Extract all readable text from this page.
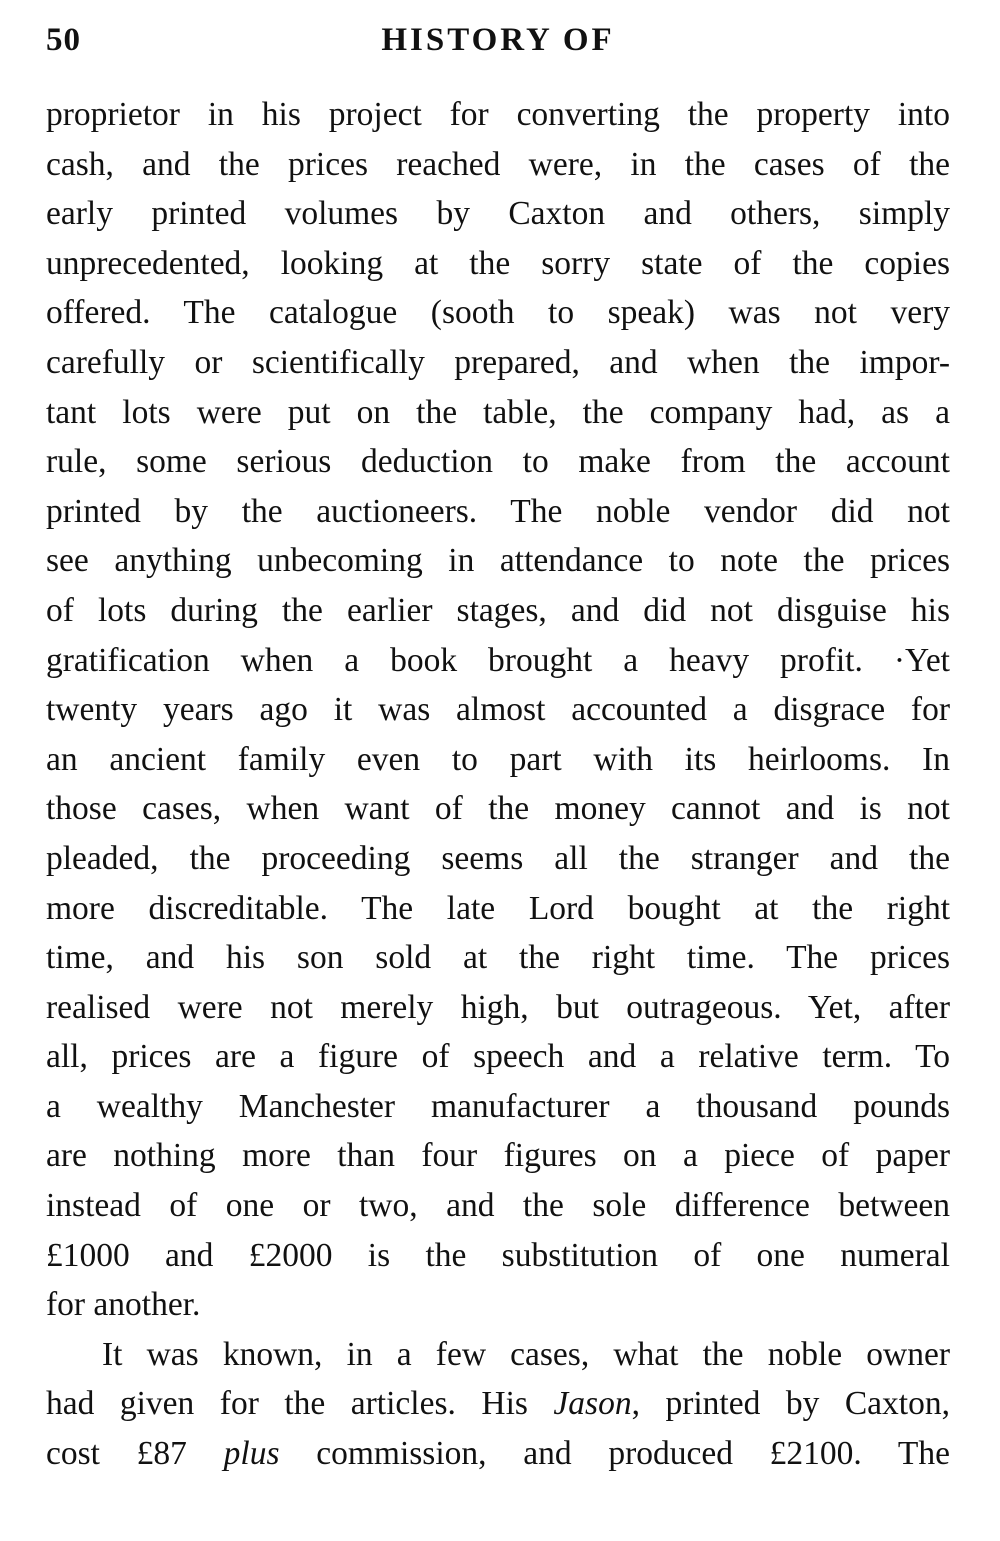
50	HISTORY OF
proprietor in his project for converting the property into
cash, and the prices reached were, in the cases of the
early printed volumes by Caxton and others, simply
unprecedented, looking at the sorry state of the copies
offered. The catalogue (sooth to speak) was not very
carefully or scientifically prepared, and when the impor-
tant lots were put on the table, the company had, as a
rule, some serious deduction to make from the account
printed by the auctioneers. The noble vendor did not
see anything unbecoming in attendance to note the prices
of lots during the earlier stages, and did not disguise his
gratification when a book brought a heavy profit. ·Yet
twenty years ago it was almost accounted a disgrace for
an ancient family even to part with its heirlooms. In
those cases, when want of the money cannot and is not
pleaded, the proceeding seems all the stranger and the
more discreditable. The late Lord bought at the right
time, and his son sold at the right time. The prices
realised were not merely high, but outrageous. Yet, after
all, prices are a figure of speech and a relative term. To
a wealthy Manchester manufacturer a thousand pounds
are nothing more than four figures on a piece of paper
instead of one or two, and the sole difference between
£1000 and £2000 is the substitution of one numeral
for another.
It was known, in a few cases, what the noble owner
had given for the articles. His Jason, printed by Caxton,
cost £87 plus commission, and produced £2100. The
